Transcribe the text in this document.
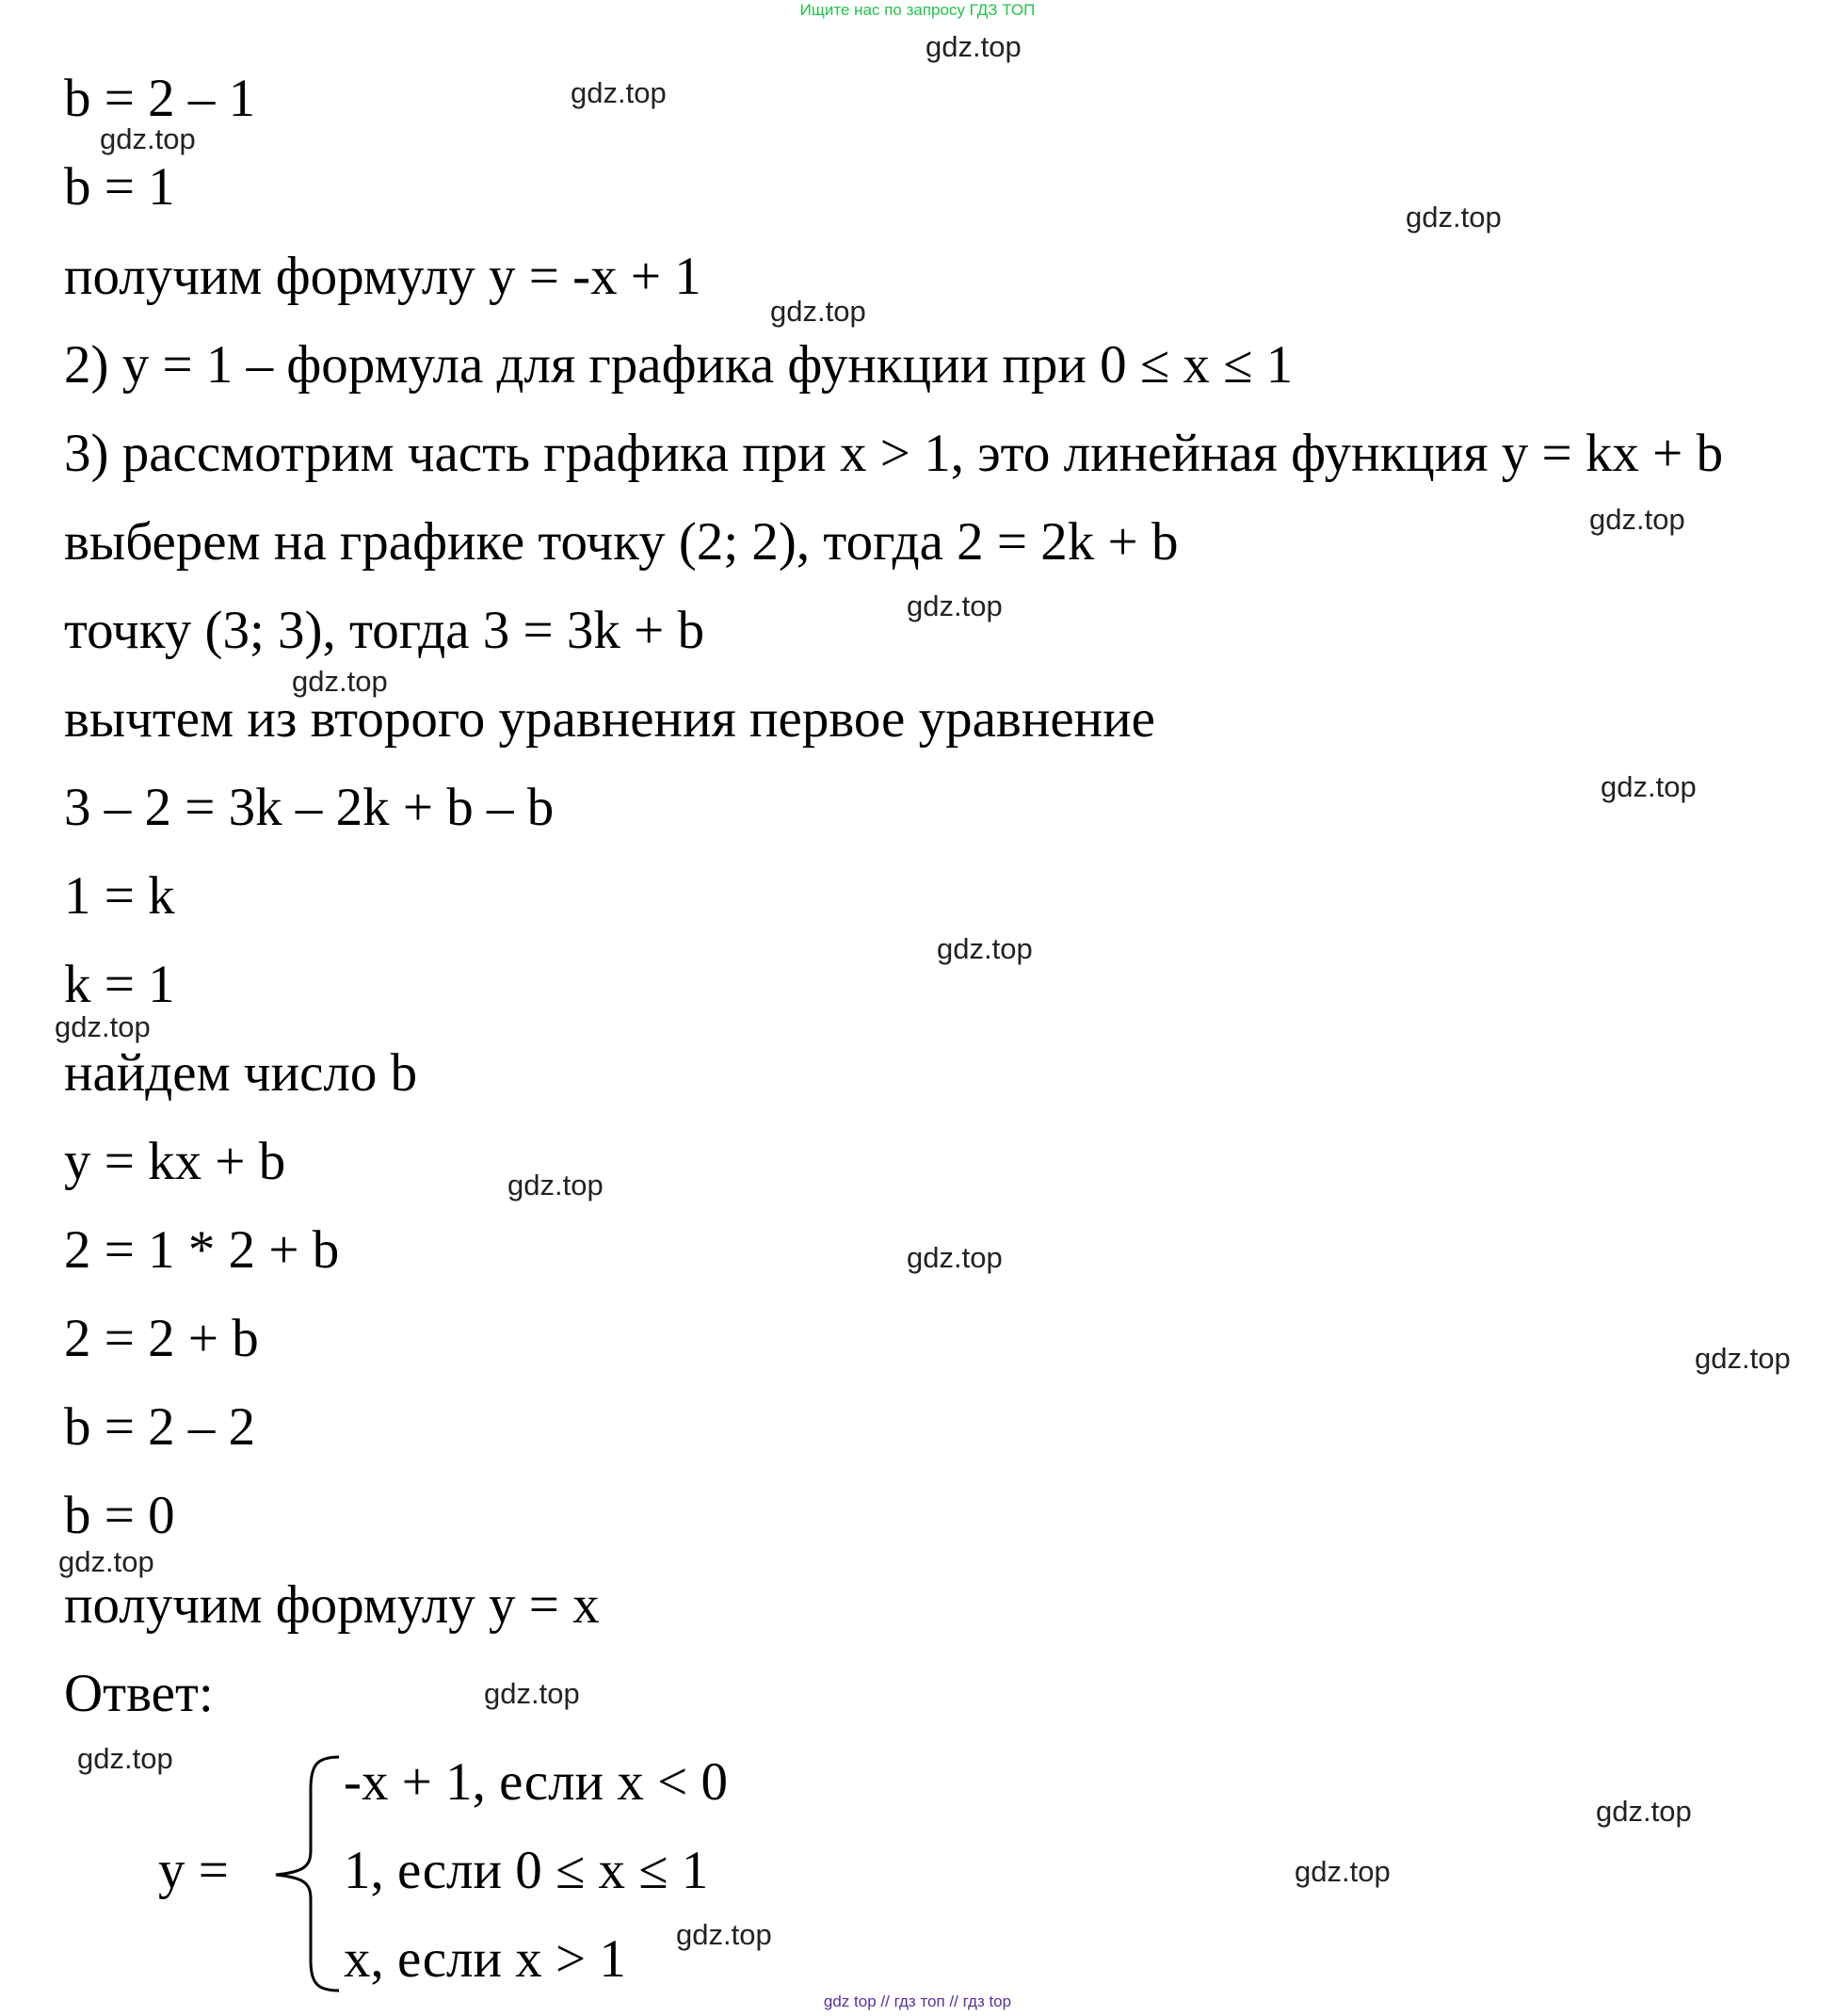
Ищите нас по запросу ГДЗ ТОП
b = 2 – 1
b = 1
получим формулу y = -x + 1
2) y = 1 – формула для графика функции при 0 ≤ x ≤ 1
3) рассмотрим часть графика при x > 1, это линейная функция y = kx + b
выберем на графике точку (2; 2), тогда 2 = 2k + b
точку (3; 3), тогда 3 = 3k + b
вычтем из второго уравнения первое уравнение
3 – 2 = 3k – 2k + b – b
1 = k
k = 1
найдем число b
y = kx + b
2 = 1 * 2 + b
2 = 2 + b
b = 2 – 2
b = 0
получим формулу y = x
Ответ:
y =
-x + 1, если x < 0
1, если 0 ≤ x ≤ 1
x, если x > 1
gdz.top
gdz.top
gdz.top
gdz.top
gdz.top
gdz.top
gdz.top
gdz.top
gdz.top
gdz.top
gdz.top
gdz.top
gdz.top
gdz.top
gdz.top
gdz.top
gdz.top
gdz.top
gdz.top
gdz.top
gdz top // гдз топ // гдз top
